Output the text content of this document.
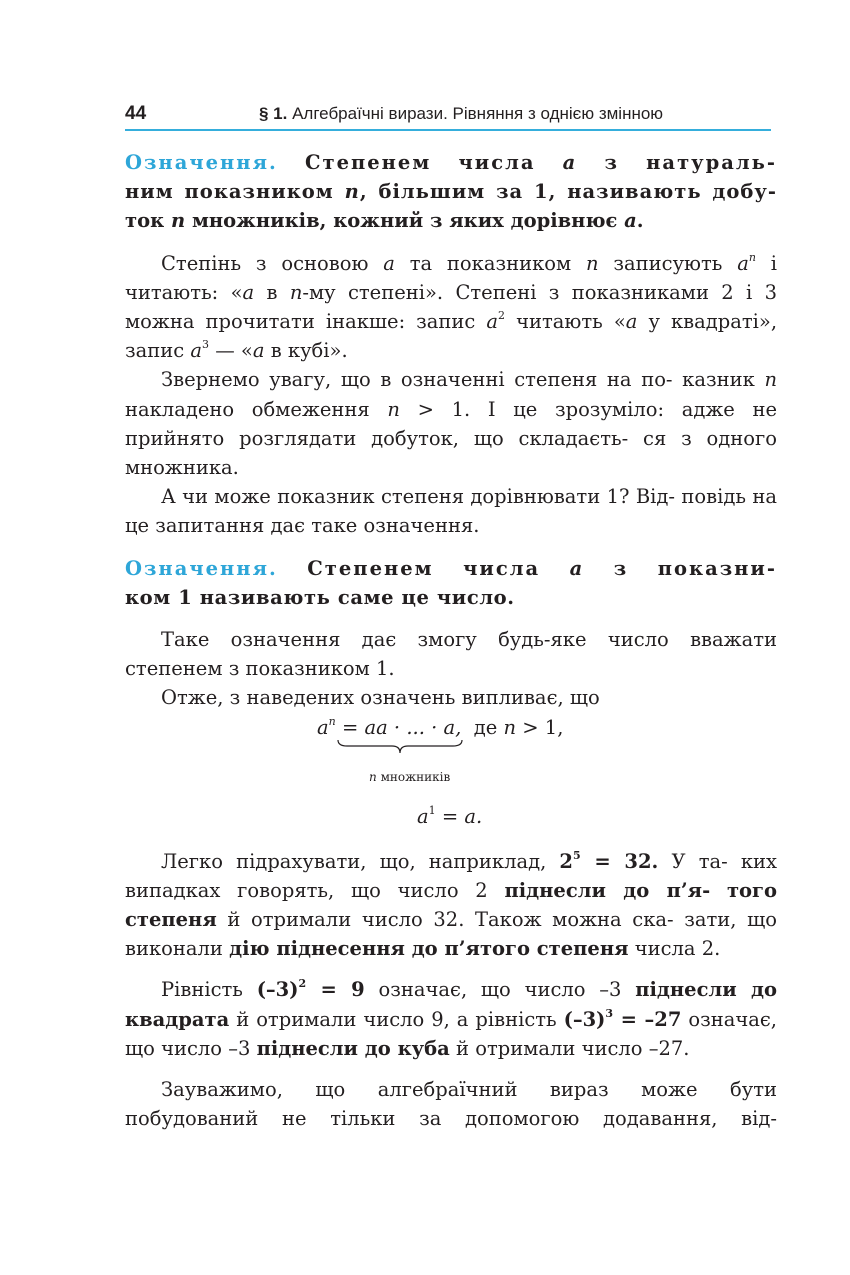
44	§ 1. Алгебраїчні вирази. Рівняння з однією змінною

Означення. Степенем числа a з натураль-

ним показником n, більшим за 1, називають добу-

ток n множників, кожний з яких дорівнює a.

Степінь з основою a та показником n записують $a^n$ і читають: «a в n-му степені». Степені з показниками 2 і 3 можна прочитати інакше: запис $a^2$ читають «a у квадраті», запис $a^3$ — «a в кубі».

Звернемо увагу, що в означенні степеня на по- казник n накладено обмеження n > 1. І це зрозуміло: адже не прийнято розглядати добуток, що складаєть- ся з одного множника.

А чи може показник степеня дорівнювати 1? Від- повідь на це запитання дає таке означення.

Означення. Степенем числа a з показни-

ком 1 називають саме це число.

Таке означення дає змогу будь-яке число вважати степенем з показником 1.

Отже, з наведених означень випливає, що

$a^n$ = aa · ... · a, де n > 1,
n множників
$a^1 = a$.

Легко підрахувати, що, наприклад, $2^5 = 32$. У та- ких випадках говорять, що число 2 піднесли до п’я- того степеня й отримали число 32. Також можна ска- зати, що виконали дію піднесення до п’ятого степеня числа 2.

Рівність $(-3)^2 = 9$ означає, що число –3 піднесли до квадрата й отримали число 9, а рівність $(-3)^3 = -27$ означає, що число –3 піднесли до куба й отримали число –27.

Зауважимо, що алгебраїчний вираз може бути побудований не тільки за допомогою додавання, від-
